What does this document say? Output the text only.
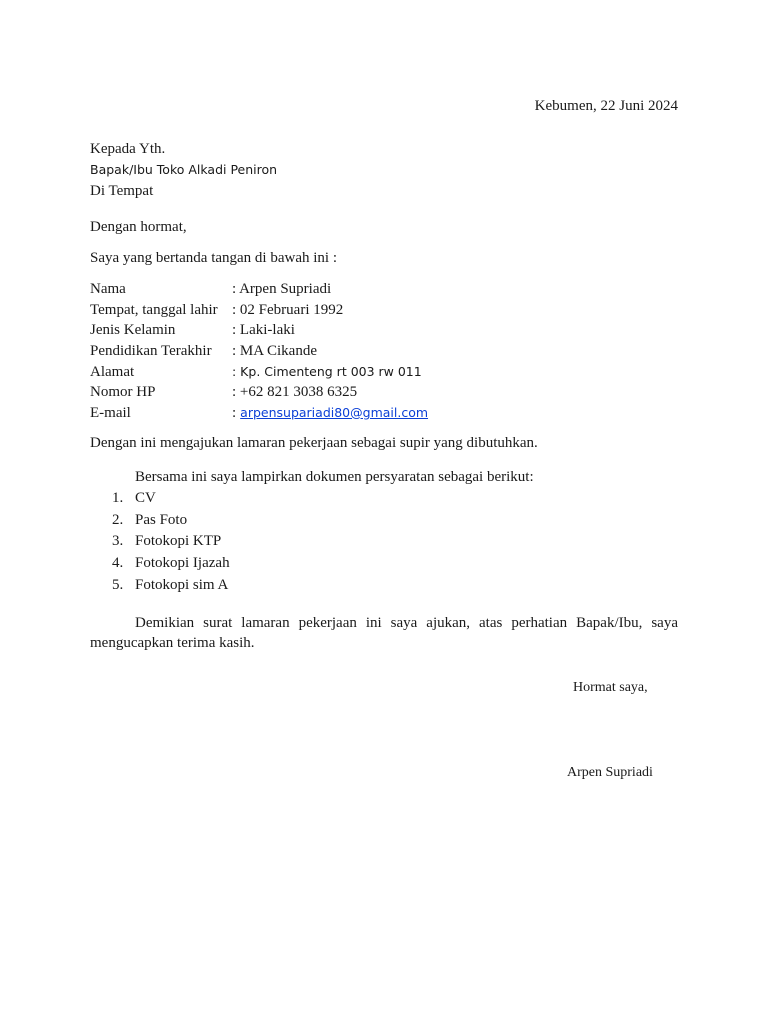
Kebumen, 22 Juni 2024
Kepada Yth.
Bapak/Ibu Toko Alkadi Peniron
Di Tempat
Dengan hormat,
Saya yang bertanda tangan di bawah ini :
Nama	: Arpen Supriadi
Tempat, tanggal lahir : 02 Februari 1992
Jenis Kelamin	: Laki-laki
Pendidikan Terakhir	: MA Cikande
Alamat	: Kp. Cimenteng rt 003 rw 011
Nomor HP	: +62 821 3038 6325
E-mail	: arpensupariadi80@gmail.com
Dengan ini mengajukan lamaran pekerjaan sebagai supir yang dibutuhkan.
Bersama ini saya lampirkan dokumen persyaratan sebagai berikut:
1. CV
2. Pas Foto
3. Fotokopi KTP
4. Fotokopi Ijazah
5. Fotokopi sim A
Demikian surat lamaran pekerjaan ini saya ajukan, atas perhatian Bapak/Ibu, saya mengucapkan terima kasih.
Hormat saya,
Arpen Supriadi
